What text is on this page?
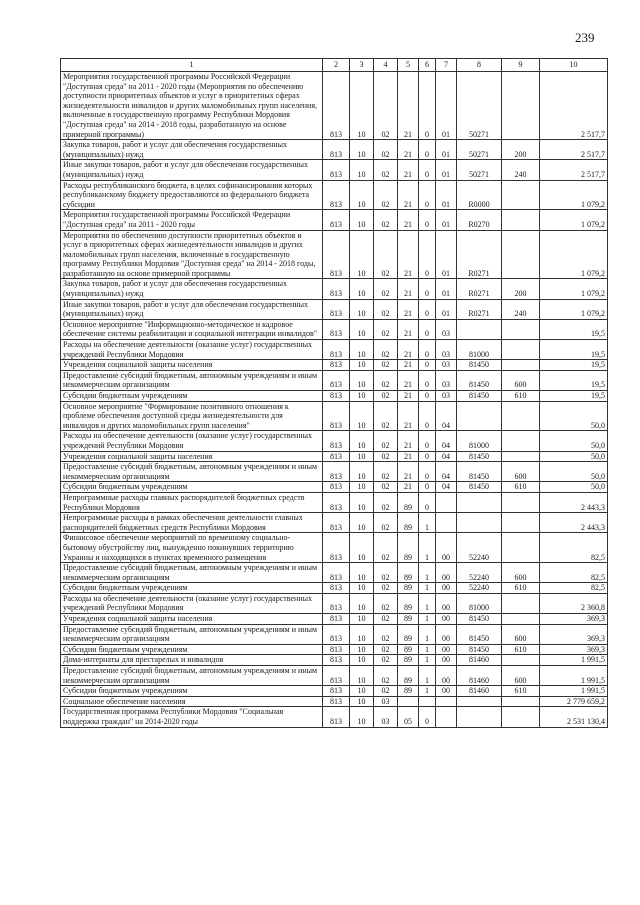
239
1	2	3	4	5	6	7	8	9	10
Мероприятия государственной программы Российской Федерации "Доступная среда" на 2011 - 2020 годы (Мероприятия по обеспечению доступности приоритетных объектов и услуг в приоритетных сферах жизнедеятельности инвалидов и других маломобильных групп населения, включенные в государственную программу Республики Мордовия "Доступная среда" на 2014 - 2018 годы, разработанную на основе примерной программы)	813	10	02	21	0	01	50271		2 517,7
Закупка товаров, работ и услуг для обеспечения государственных (муниципальных) нужд	813	10	02	21	0	01	50271	200	2 517,7
Иные закупки товаров, работ и услуг для обеспечения государственных (муниципальных) нужд	813	10	02	21	0	01	50271	240	2 517,7
Расходы республиканского бюджета, в целях софинансирования которых республиканскому бюджету предоставляются из федерального бюджета субсидии	813	10	02	21	0	01	R0000		1 079,2
Мероприятия государственной программы Российской Федерации "Доступная среда" на 2011 - 2020 годы	813	10	02	21	0	01	R0270		1 079,2
Мероприятия по обеспечению доступности приоритетных объектов и услуг в приоритетных сферах жизнедеятельности инвалидов и других маломобильных групп населения, включенные в государственную программу Республики Мордовия "Доступная среда" на 2014 - 2018 годы, разработанную на основе примерной программы	813	10	02	21	0	01	R0271		1 079,2
Закупка товаров, работ и услуг для обеспечения государственных (муниципальных) нужд	813	10	02	21	0	01	R0271	200	1 079,2
Иные закупки товаров, работ и услуг для обеспечения государственных (муниципальных) нужд	813	10	02	21	0	01	R0271	240	1 079,2
Основное мероприятие "Информационно-методическое и кадровое обеспечение системы реабилитации и социальной интеграции инвалидов"	813	10	02	21	0	03			19,5
Расходы на обеспечение деятельности (оказание услуг) государственных учреждений Республики Мордовия	813	10	02	21	0	03	81000		19,5
Учреждения социальной защиты населения	813	10	02	21	0	03	81450		19,5
Предоставление субсидий бюджетным, автономным учреждениям и иным некоммерческим организациям	813	10	02	21	0	03	81450	600	19,5
Субсидии бюджетным учреждениям	813	10	02	21	0	03	81450	610	19,5
Основное мероприятие "Формирование позитивного отношения к проблеме обеспечения доступной среды жизнедеятельности для инвалидов и других маломобильных групп населения"	813	10	02	21	0	04			50,0
Расходы на обеспечение деятельности (оказание услуг) государственных учреждений Республики Мордовия	813	10	02	21	0	04	81000		50,0
Учреждения социальной защиты населения	813	10	02	21	0	04	81450		50,0
Предоставление субсидий бюджетным, автономным учреждениям и иным некоммерческим организациям	813	10	02	21	0	04	81450	600	50,0
Субсидии бюджетным учреждениям	813	10	02	21	0	04	81450	610	50,0
Непрограммные расходы главных распорядителей бюджетных средств Республики Мордовия	813	10	02	89	0				2 443,3
Непрограммные расходы в рамках обеспечения деятельности главных распорядителей бюджетных средств Республики Мордовия	813	10	02	89	1				2 443,3
Финансовое обеспечение мероприятий по временному социально-бытовому обустройству лиц, вынужденно покинувших территорию Украины и находящихся в пунктах временного размещения	813	10	02	89	1	00	52240		82,5
Предоставление субсидий бюджетным, автономным учреждениям и иным некоммерческим организациям	813	10	02	89	1	00	52240	600	82,5
Субсидии бюджетным учреждениям	813	10	02	89	1	00	52240	610	82,5
Расходы на обеспечение деятельности (оказание услуг) государственных учреждений Республики Мордовия	813	10	02	89	1	00	81000		2 360,8
Учреждения социальной защиты населения	813	10	02	89	1	00	81450		369,3
Предоставление субсидий бюджетным, автономным учреждениям и иным некоммерческим организациям	813	10	02	89	1	00	81450	600	369,3
Субсидии бюджетным учреждениям	813	10	02	89	1	00	81450	610	369,3
Дома-интернаты для престарелых и инвалидов	813	10	02	89	1	00	81460		1 991,5
Предоставление субсидий бюджетным, автономным учреждениям и иным некоммерческим организациям	813	10	02	89	1	00	81460	600	1 991,5
Субсидии бюджетным учреждениям	813	10	02	89	1	00	81460	610	1 991,5
Социальное обеспечение населения	813	10	03						2 779 659,2
Государственная программа Республики Мордовия "Социальная поддержка граждан" на 2014-2020 годы	813	10	03	05	0				2 531 130,4
